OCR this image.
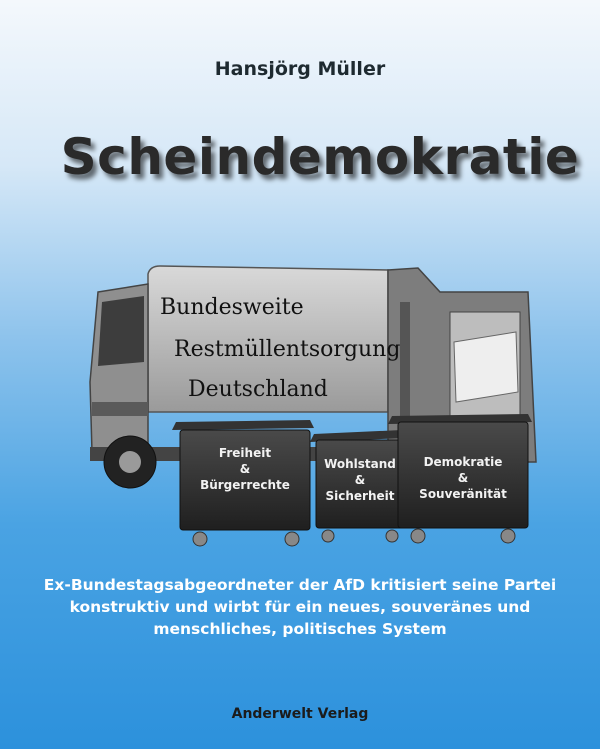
Hansjörg Müller
Scheindemokratie
Bundesweite
Restmüllentsorgung
Deutschland
Freiheit
&
Bürgerrechte
Wohlstand
&
Sicherheit
Demokratie
&
Souveränität
Ex-Bundestagsabgeordneter der AfD kritisiert seine Partei konstruktiv und wirbt für ein neues, souveränes und menschliches, politisches System
Anderwelt Verlag
